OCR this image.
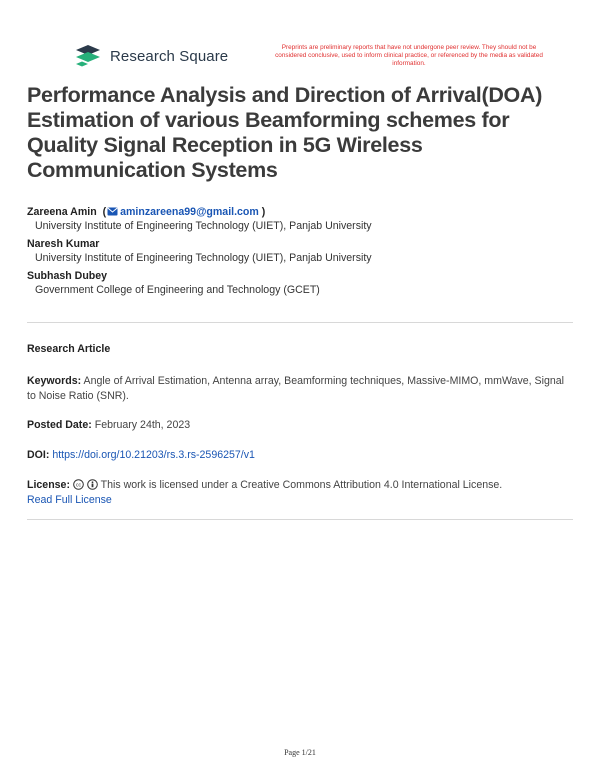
Research Square	Preprints are preliminary reports that have not undergone peer review. They should not be considered conclusive, used to inform clinical practice, or referenced by the media as validated information.
Performance Analysis and Direction of Arrival(DOA) Estimation of various Beamforming schemes for Quality Signal Reception in 5G Wireless Communication Systems
Zareena Amin  ( aminzareena99@gmail.com )
University Institute of Engineering Technology (UIET), Panjab University
Naresh Kumar
University Institute of Engineering Technology (UIET), Panjab University
Subhash Dubey
Government College of Engineering and Technology (GCET)
Research Article
Keywords: Angle of Arrival Estimation, Antenna array, Beamforming techniques, Massive-MIMO, mmWave, Signal to Noise Ratio (SNR).
Posted Date: February 24th, 2023
DOI: https://doi.org/10.21203/rs.3.rs-2596257/v1
License: cc This work is licensed under a Creative Commons Attribution 4.0 International License.
Read Full License
Page 1/21
